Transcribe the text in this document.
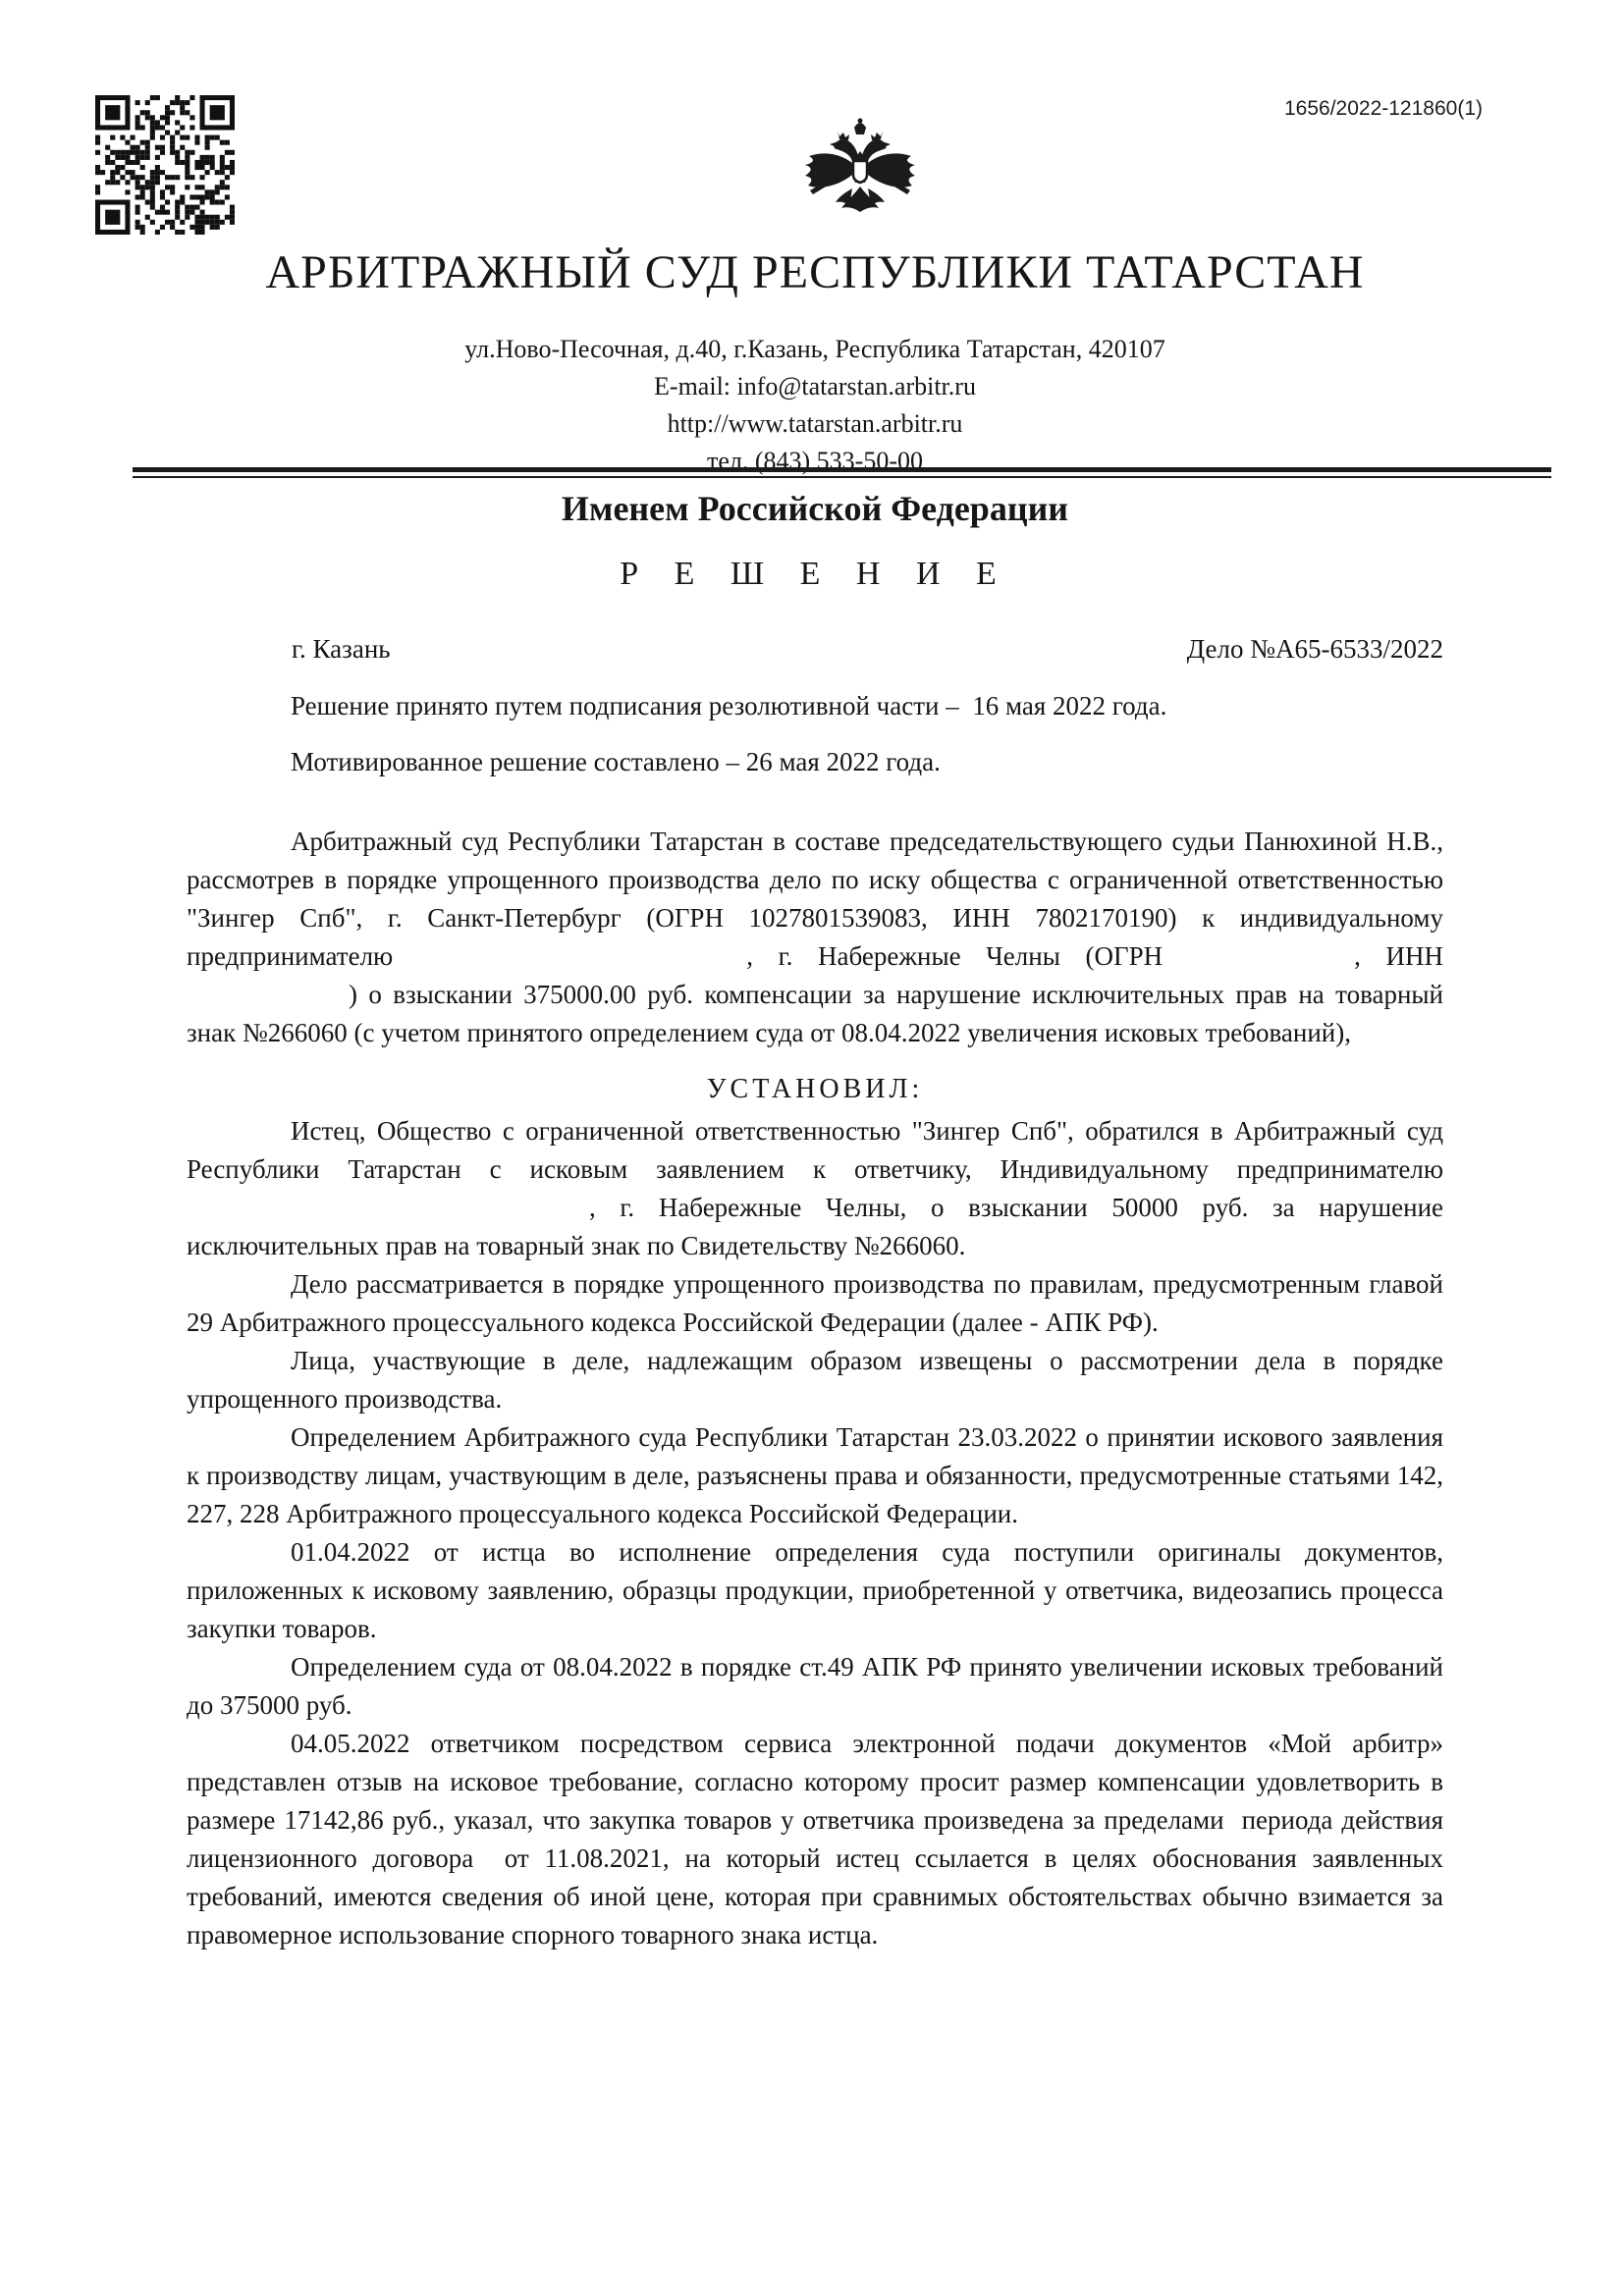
1656/2022-121860(1)
АРБИТРАЖНЫЙ СУД РЕСПУБЛИКИ ТАТАРСТАН
ул.Ново-Песочная, д.40, г.Казань, Республика Татарстан, 420107
E-mail: info@tatarstan.arbitr.ru
http://www.tatarstan.arbitr.ru
тел. (843) 533-50-00
Именем Российской Федерации
Р Е Ш Е Н И Е
г. Казань	Дело №А65-6533/2022
Решение принято путем подписания резолютивной части –  16 мая 2022 года.
Мотивированное решение составлено – 26 мая 2022 года.

Арбитражный суд Республики Татарстан в составе председательствующего судьи Панюхиной Н.В., рассмотрев в порядке упрощенного производства дело по иску общества с ограниченной ответственностью "Зингер Спб", г. Санкт-Петербург (ОГРН 1027801539083, ИНН 7802170190) к индивидуальному предпринимателю	, г. Набережные Челны (ОГРН	, ИНН) о взыскании 375000.00 руб. компенсации за нарушение исключительных прав на товарный знак №266060 (с учетом принятого определением суда от 08.04.2022 увеличения исковых требований),

УСТАНОВИЛ:

Истец, Общество с ограниченной ответственностью "Зингер Спб", обратился в Арбитражный суд Республики Татарстан с исковым заявлением к ответчику, Индивидуальному предпринимателю, г. Набережные Челны, о взыскании 50000 руб. за нарушение исключительных прав на товарный знак по Свидетельству №266060.

Дело рассматривается в порядке упрощенного производства по правилам, предусмотренным главой 29 Арбитражного процессуального кодекса Российской Федерации (далее - АПК РФ).

Лица, участвующие в деле, надлежащим образом извещены о рассмотрении дела в порядке упрощенного производства.

Определением Арбитражного суда Республики Татарстан 23.03.2022 о принятии искового заявления к производству лицам, участвующим в деле, разъяснены права и обязанности, предусмотренные статьями 142, 227, 228 Арбитражного процессуального кодекса Российской Федерации.

01.04.2022 от истца во исполнение определения суда поступили оригиналы документов, приложенных к исковому заявлению, образцы продукции, приобретенной у ответчика, видеозапись процесса закупки товаров.

Определением суда от 08.04.2022 в порядке ст.49 АПК РФ принято увеличении исковых требований до 375000 руб.

04.05.2022 ответчиком посредством сервиса электронной подачи документов «Мой арбитр» представлен отзыв на исковое требование, согласно которому просит размер компенсации удовлетворить в размере 17142,86 руб., указал, что закупка товаров у ответчика произведена за пределами  периода действия лицензионного договора  от 11.08.2021, на который истец ссылается в целях обоснования заявленных требований, имеются сведения об иной цене, которая при сравнимых обстоятельствах обычно взимается за правомерное использование спорного товарного знака истца.
